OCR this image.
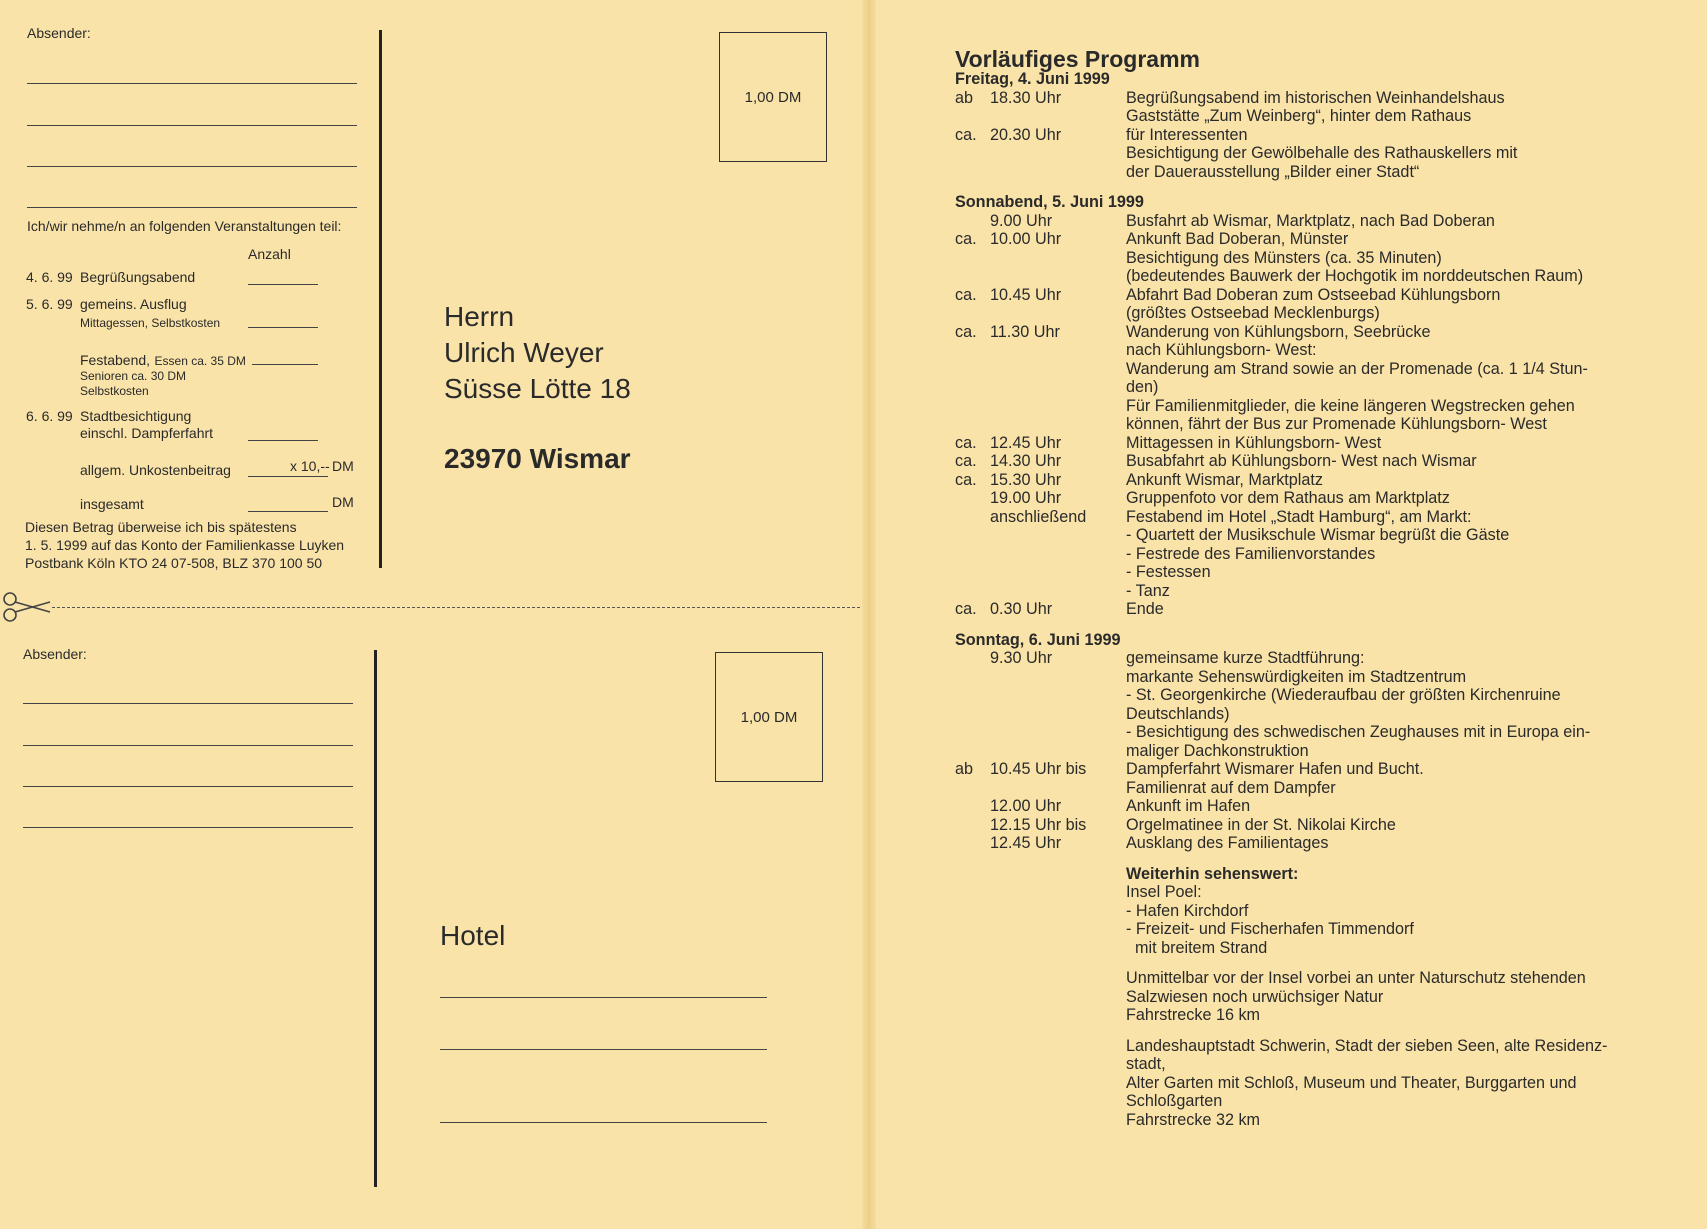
Absender:
Ich/wir nehme/n an folgenden Veranstaltungen teil:
Anzahl
4. 6. 99 Begrüßungsabend
5. 6. 99 gemeins. Ausflug
Mittagessen, Selbstkosten
Festabend, Essen ca. 35 DM
Senioren ca. 30 DM
Selbstkosten
6. 6. 99 Stadtbesichtigung
einschl. Dampferfahrt
allgem. Unkostenbeitrag	x 10,-- DM
insgesamt	DM
Diesen Betrag überweise ich bis spätestens
1. 5. 1999 auf das Konto der Familienkasse Luyken
Postbank Köln KTO 24 07-508, BLZ 370 100 50
1,00 DM
Herrn
Ulrich Weyer
Süsse Lötte 18
23970 Wismar
Absender:
1,00 DM
Hotel
Vorläufiges Programm
Freitag, 4. Juni 1999
ab	18.30 Uhr	Begrüßungsabend im historischen Weinhandelshaus
Gaststätte „Zum Weinberg“, hinter dem Rathaus
ca. 20.30 Uhr	für Interessenten
Besichtigung der Gewölbehalle des Rathauskellers mit
der Dauerausstellung „Bilder einer Stadt“
Sonnabend, 5. Juni 1999
9.00 Uhr	Busfahrt ab Wismar, Marktplatz, nach Bad Doberan
ca. 10.00 Uhr	Ankunft Bad Doberan, Münster
Besichtigung des Münsters (ca. 35 Minuten)
(bedeutendes Bauwerk der Hochgotik im norddeutschen Raum)
ca. 10.45 Uhr	Abfahrt Bad Doberan zum Ostseebad Kühlungsborn
(größtes Ostseebad Mecklenburgs)
ca. 11.30 Uhr	Wanderung von Kühlungsborn, Seebrücke
nach Kühlungsborn- West:
Wanderung am Strand sowie an der Promenade (ca. 1 1/4 Stun-
den)
Für Familienmitglieder, die keine längeren Wegstrecken gehen
können, fährt der Bus zur Promenade Kühlungsborn- West
ca. 12.45 Uhr	Mittagessen in Kühlungsborn- West
ca. 14.30 Uhr	Busabfahrt ab Kühlungsborn- West nach Wismar
ca. 15.30 Uhr	Ankunft Wismar, Marktplatz
19.00 Uhr	Gruppenfoto vor dem Rathaus am Marktplatz
anschließend	Festabend im Hotel „Stadt Hamburg“, am Markt:
- Quartett der Musikschule Wismar begrüßt die Gäste
- Festrede des Familienvorstandes
- Festessen
- Tanz
ca. 0.30 Uhr	Ende
Sonntag, 6. Juni 1999
9.30 Uhr	gemeinsame kurze Stadtführung:
markante Sehenswürdigkeiten im Stadtzentrum
- St. Georgenkirche (Wiederaufbau der größten Kirchenruine
Deutschlands)
- Besichtigung des schwedischen Zeughauses mit in Europa ein-
maliger Dachkonstruktion
ab	10.45 Uhr bis	Dampferfahrt Wismarer Hafen und Bucht.
Familienrat auf dem Dampfer
12.00 Uhr	Ankunft im Hafen
12.15 Uhr bis	Orgelmatinee in der St. Nikolai Kirche
12.45 Uhr	Ausklang des Familientages
Weiterhin sehenswert:
Insel Poel:
- Hafen Kirchdorf
- Freizeit- und Fischerhafen Timmendorf
mit breitem Strand
Unmittelbar vor der Insel vorbei an unter Naturschutz stehenden
Salzwiesen noch urwüchsiger Natur
Fahrstrecke 16 km
Landeshauptstadt Schwerin, Stadt der sieben Seen, alte Residenz-
stadt,
Alter Garten mit Schloß, Museum und Theater, Burggarten und
Schloßgarten
Fahrstrecke 32 km
